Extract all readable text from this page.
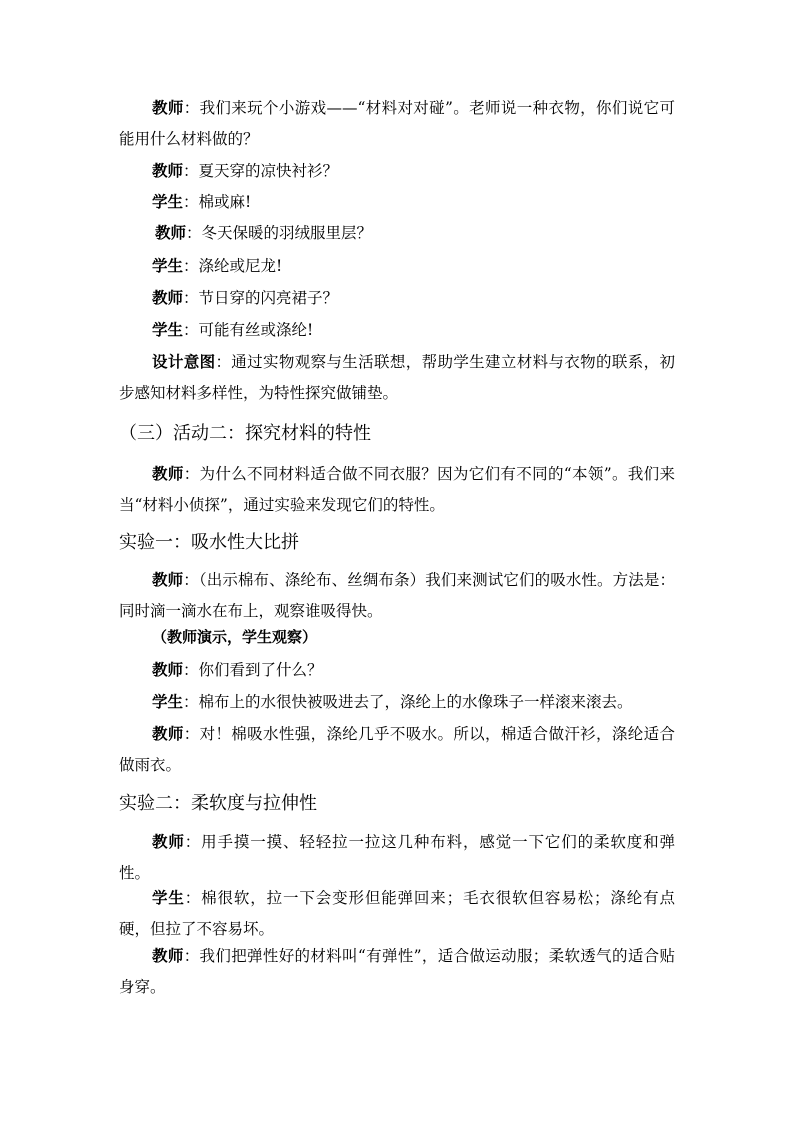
教师：我们来玩个小游戏——“材料对对碰”。老师说一种衣物，你们说它可能用什么材料做的？

教师：夏天穿的凉快衬衫？

学生：棉或麻!

教师：冬天保暖的羽绒服里层？

学生：涤纶或尼龙!

教师：节日穿的闪亮裙子？

学生：可能有丝或涤纶!

设计意图：通过实物观察与生活联想，帮助学生建立材料与衣物的联系，初步感知材料多样性，为特性探究做铺垫。

（三）活动二：探究材料的特性

教师：为什么不同材料适合做不同衣服？因为它们有不同的“本领”。我们来当“材料小侦探”，通过实验来发现它们的特性。

实验一：吸水性大比拼

教师：（出示棉布、涤纶布、丝绸布条）我们来测试它们的吸水性。方法是：同时滴一滴水在布上，观察谁吸得快。

（教师演示，学生观察）

教师：你们看到了什么？

学生：棉布上的水很快被吸进去了，涤纶上的水像珠子一样滚来滚去。

教师：对！棉吸水性强，涤纶几乎不吸水。所以，棉适合做汗衫，涤纶适合做雨衣。

实验二：柔软度与拉伸性

教师：用手摸一摸、轻轻拉一拉这几种布料，感觉一下它们的柔软度和弹性。

学生：棉很软，拉一下会变形但能弹回来；毛衣很软但容易松；涤纶有点硬，但拉了不容易坏。

教师：我们把弹性好的材料叫“有弹性”，适合做运动服；柔软透气的适合贴身穿。
